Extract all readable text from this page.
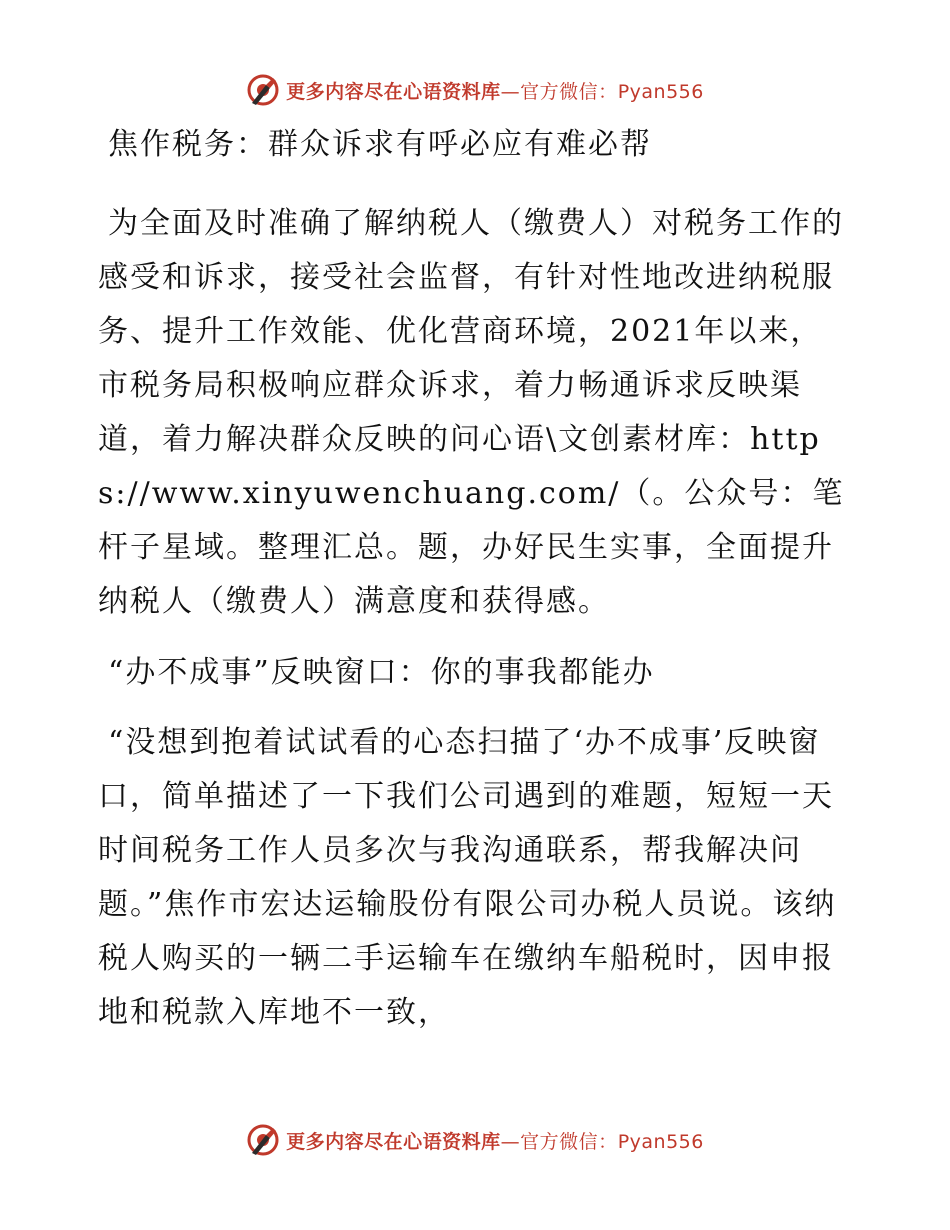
更多内容尽在心语资料库—官方微信：Pyan556
焦作税务：群众诉求有呼必应有难必帮

为全面及时准确了解纳税人（缴费人）对税务工作的感受和诉求，接受社会监督，有针对性地改进纳税服务、提升工作效能、优化营商环境，2021年以来，市税务局积极响应群众诉求，着力畅通诉求反映渠道，着力解决群众反映的问心语\文创素材库：https://www.xinyuwenchuang.com/（。公众号：笔杆子星域。整理汇总。题，办好民生实事，全面提升纳税人（缴费人）满意度和获得感。

“办不成事”反映窗口：你的事我都能办

“没想到抱着试试看的心态扫描了‘办不成事’反映窗口，简单描述了一下我们公司遇到的难题，短短一天时间税务工作人员多次与我沟通联系，帮我解决问题。”焦作市宏达运输股份有限公司办税人员说。该纳税人购买的一辆二手运输车在缴纳车船税时，因申报地和税款入库地不一致，

更多内容尽在心语资料库—官方微信：Pyan556
